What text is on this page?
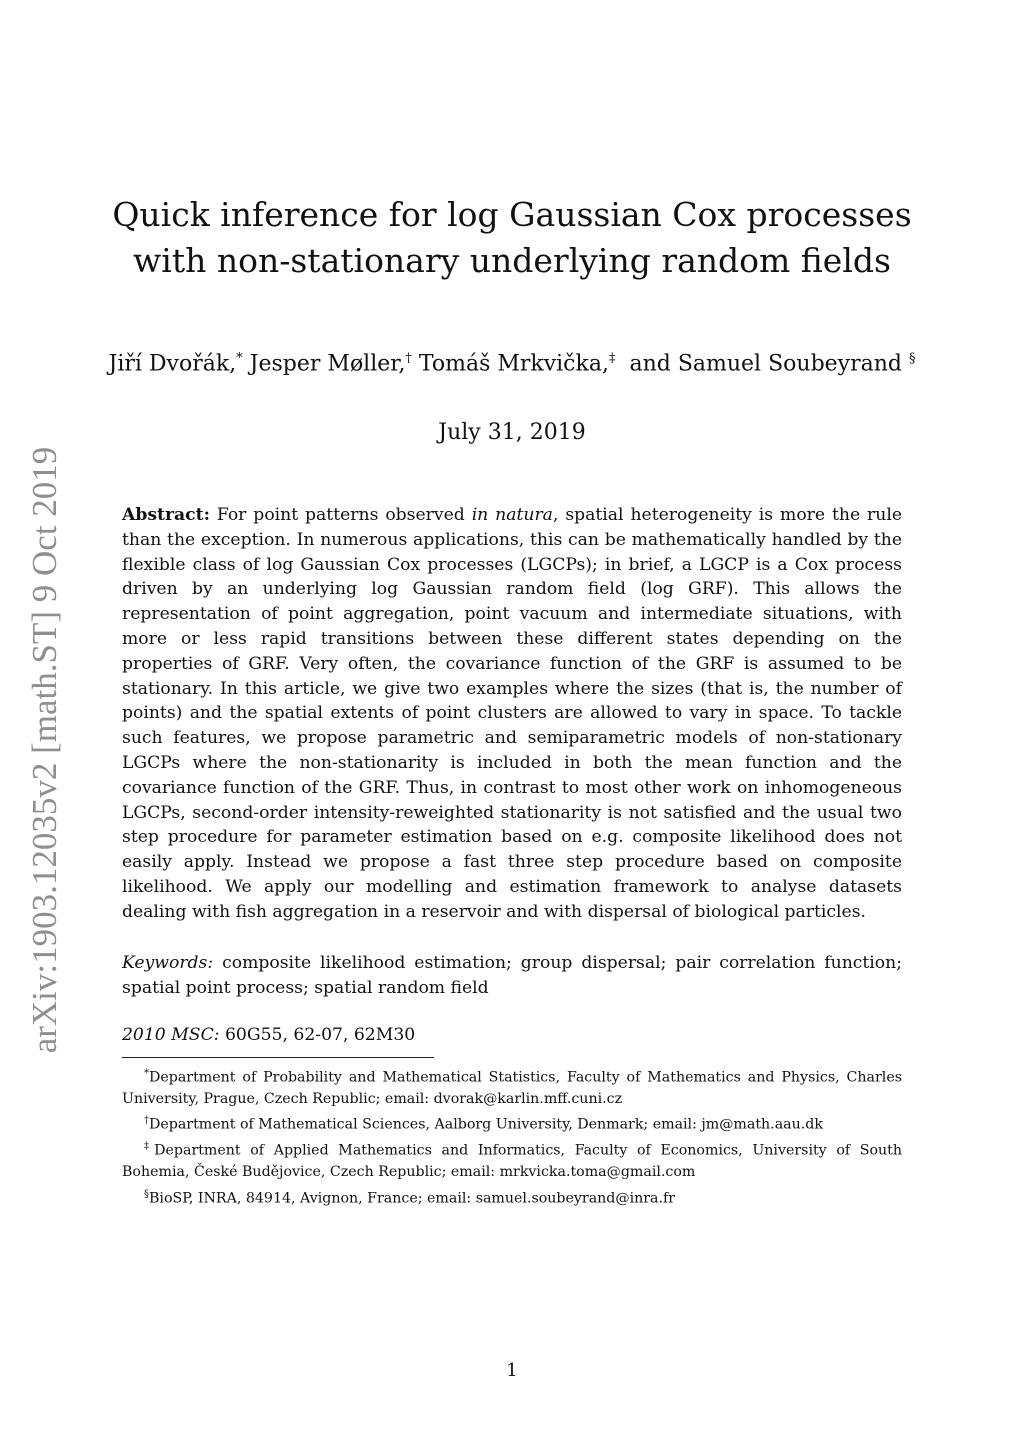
arXiv:1903.12035v2 [math.ST] 9 Oct 2019
Quick inference for log Gaussian Cox processes
with non-stationary underlying random fields
Jiří Dvořák,* Jesper Møller,† Tomáš Mrkvička,‡ and Samuel Soubeyrand §
July 31, 2019

Abstract: For point patterns observed in natura, spatial heterogeneity is more the rule than the exception. In numerous applications, this can be mathematically handled by the flexible class of log Gaussian Cox processes (LGCPs); in brief, a LGCP is a Cox process driven by an underlying log Gaussian random field (log GRF). This allows the representation of point aggregation, point vacuum and intermediate situations, with more or less rapid transitions between these different states depending on the properties of GRF. Very often, the covariance function of the GRF is assumed to be stationary. In this article, we give two examples where the sizes (that is, the number of points) and the spatial extents of point clusters are allowed to vary in space. To tackle such features, we propose parametric and semiparametric models of non-stationary LGCPs where the non-stationarity is included in both the mean function and the covariance function of the GRF. Thus, in contrast to most other work on inhomogeneous LGCPs, second-order intensity-reweighted stationarity is not satisfied and the usual two step procedure for parameter estimation based on e.g. composite likelihood does not easily apply. Instead we propose a fast three step procedure based on composite likelihood. We apply our modelling and estimation framework to analyse datasets dealing with fish aggregation in a reservoir and with dispersal of biological particles.

Keywords: composite likelihood estimation; group dispersal; pair correlation function; spatial point process; spatial random field

2010 MSC: 60G55, 62-07, 62M30

*Department of Probability and Mathematical Statistics, Faculty of Mathematics and Physics, Charles University, Prague, Czech Republic; email: dvorak@karlin.mff.cuni.cz

†Department of Mathematical Sciences, Aalborg University, Denmark; email: jm@math.aau.dk

‡Department of Applied Mathematics and Informatics, Faculty of Economics, University of South Bohemia, České Budějovice, Czech Republic; email: mrkvicka.toma@gmail.com

§BioSP, INRA, 84914, Avignon, France; email: samuel.soubeyrand@inra.fr

1
